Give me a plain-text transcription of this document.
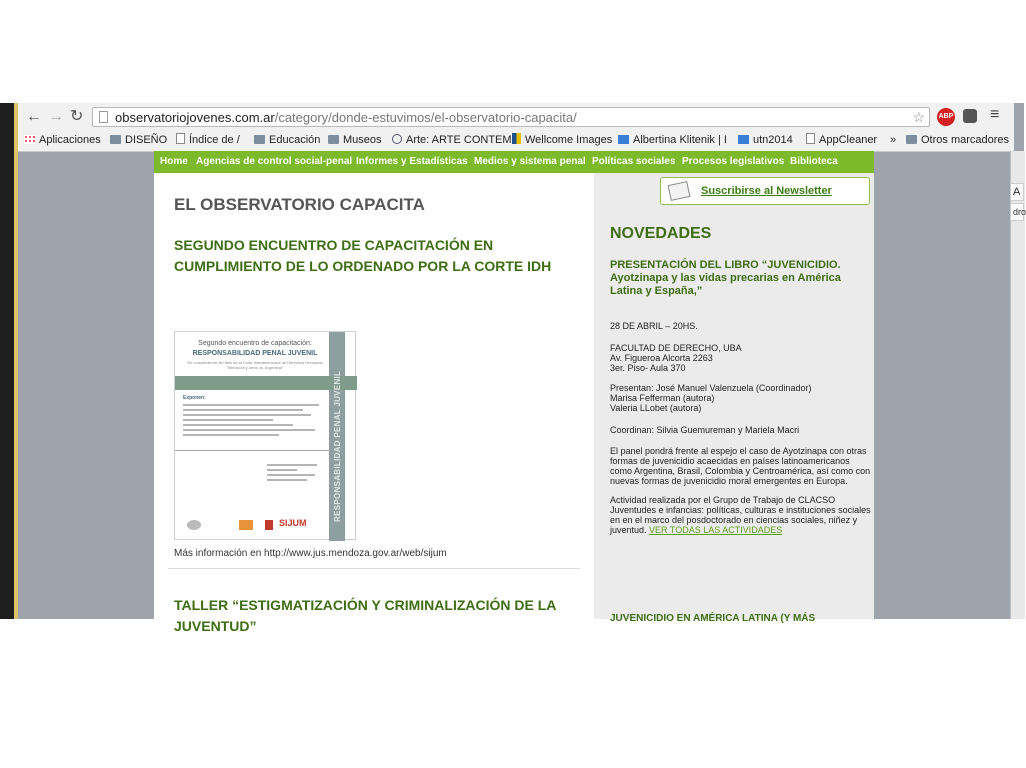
← → ↻ observatoriojovenes.com.ar/category/donde-estuvimos/el-observatorio-capacita/	☆ ABP ≡
Aplicaciones	DISEÑO	Índice de /	Educación	Museos	Arte: ARTE CONTEM	Wellcome Images	Albertina Klitenik | I	utn2014	AppCleaner »	Otros marcadores
A
dro
Home Agencias de control social-penal Informes y Estadísticas Medios y sistema penal Políticas sociales Procesos legislativos Biblioteca
EL OBSERVATORIO CAPACITA
SEGUNDO ENCUENTRO DE CAPACITACIÓN EN CUMPLIMIENTO DE LO ORDENADO POR LA CORTE IDH
Segundo encuentro de capacitación:
RESPONSABILIDAD PENAL JUVENIL
En cumplimiento del fallo de la Corte Interamericana de Derechos Humanos "Mendoza y otros vs. Argentina"
Exponen:	RESPONSABILIDAD PENAL JUVENIL
SIJUM
Más información en http://www.jus.mendoza.gov.ar/web/sijum
TALLER “ESTIGMATIZACIÓN Y CRIMINALIZACIÓN DE LA JUVENTUD”
Suscribirse al Newsletter
NOVEDADES
PRESENTACIÓN DEL LIBRO “JUVENICIDIO. Ayotzinapa y las vidas precarias en América Latina y España,”

28 DE ABRIL – 20HS.

FACULTAD DE DERECHO, UBA
Av. Figueroa Alcorta 2263
3er. Piso- Aula 370

Presentan: José Manuel Valenzuela (Coordinador)
Marisa Fefferman (autora)
Valeria LLobet (autora)

Coordinan: Silvia Guemureman y Mariela Macri

El panel pondrá frente al espejo el caso de Ayotzinapa con otras formas de juvenicidio acaecidas en países latinoamericanos como Argentina, Brasil, Colombia y Centroamérica, así como con nuevas formas de juvenicidio moral emergentes en Europa.

Actividad realizada por el Grupo de Trabajo de CLACSO Juventudes e infancias: políticas, culturas e instituciones sociales en en el marco del posdoctorado en ciencias sociales, niñez y juventud. VER TODAS LAS ACTIVIDADES

JUVENICIDIO EN AMÉRICA LATINA (Y MÁS
